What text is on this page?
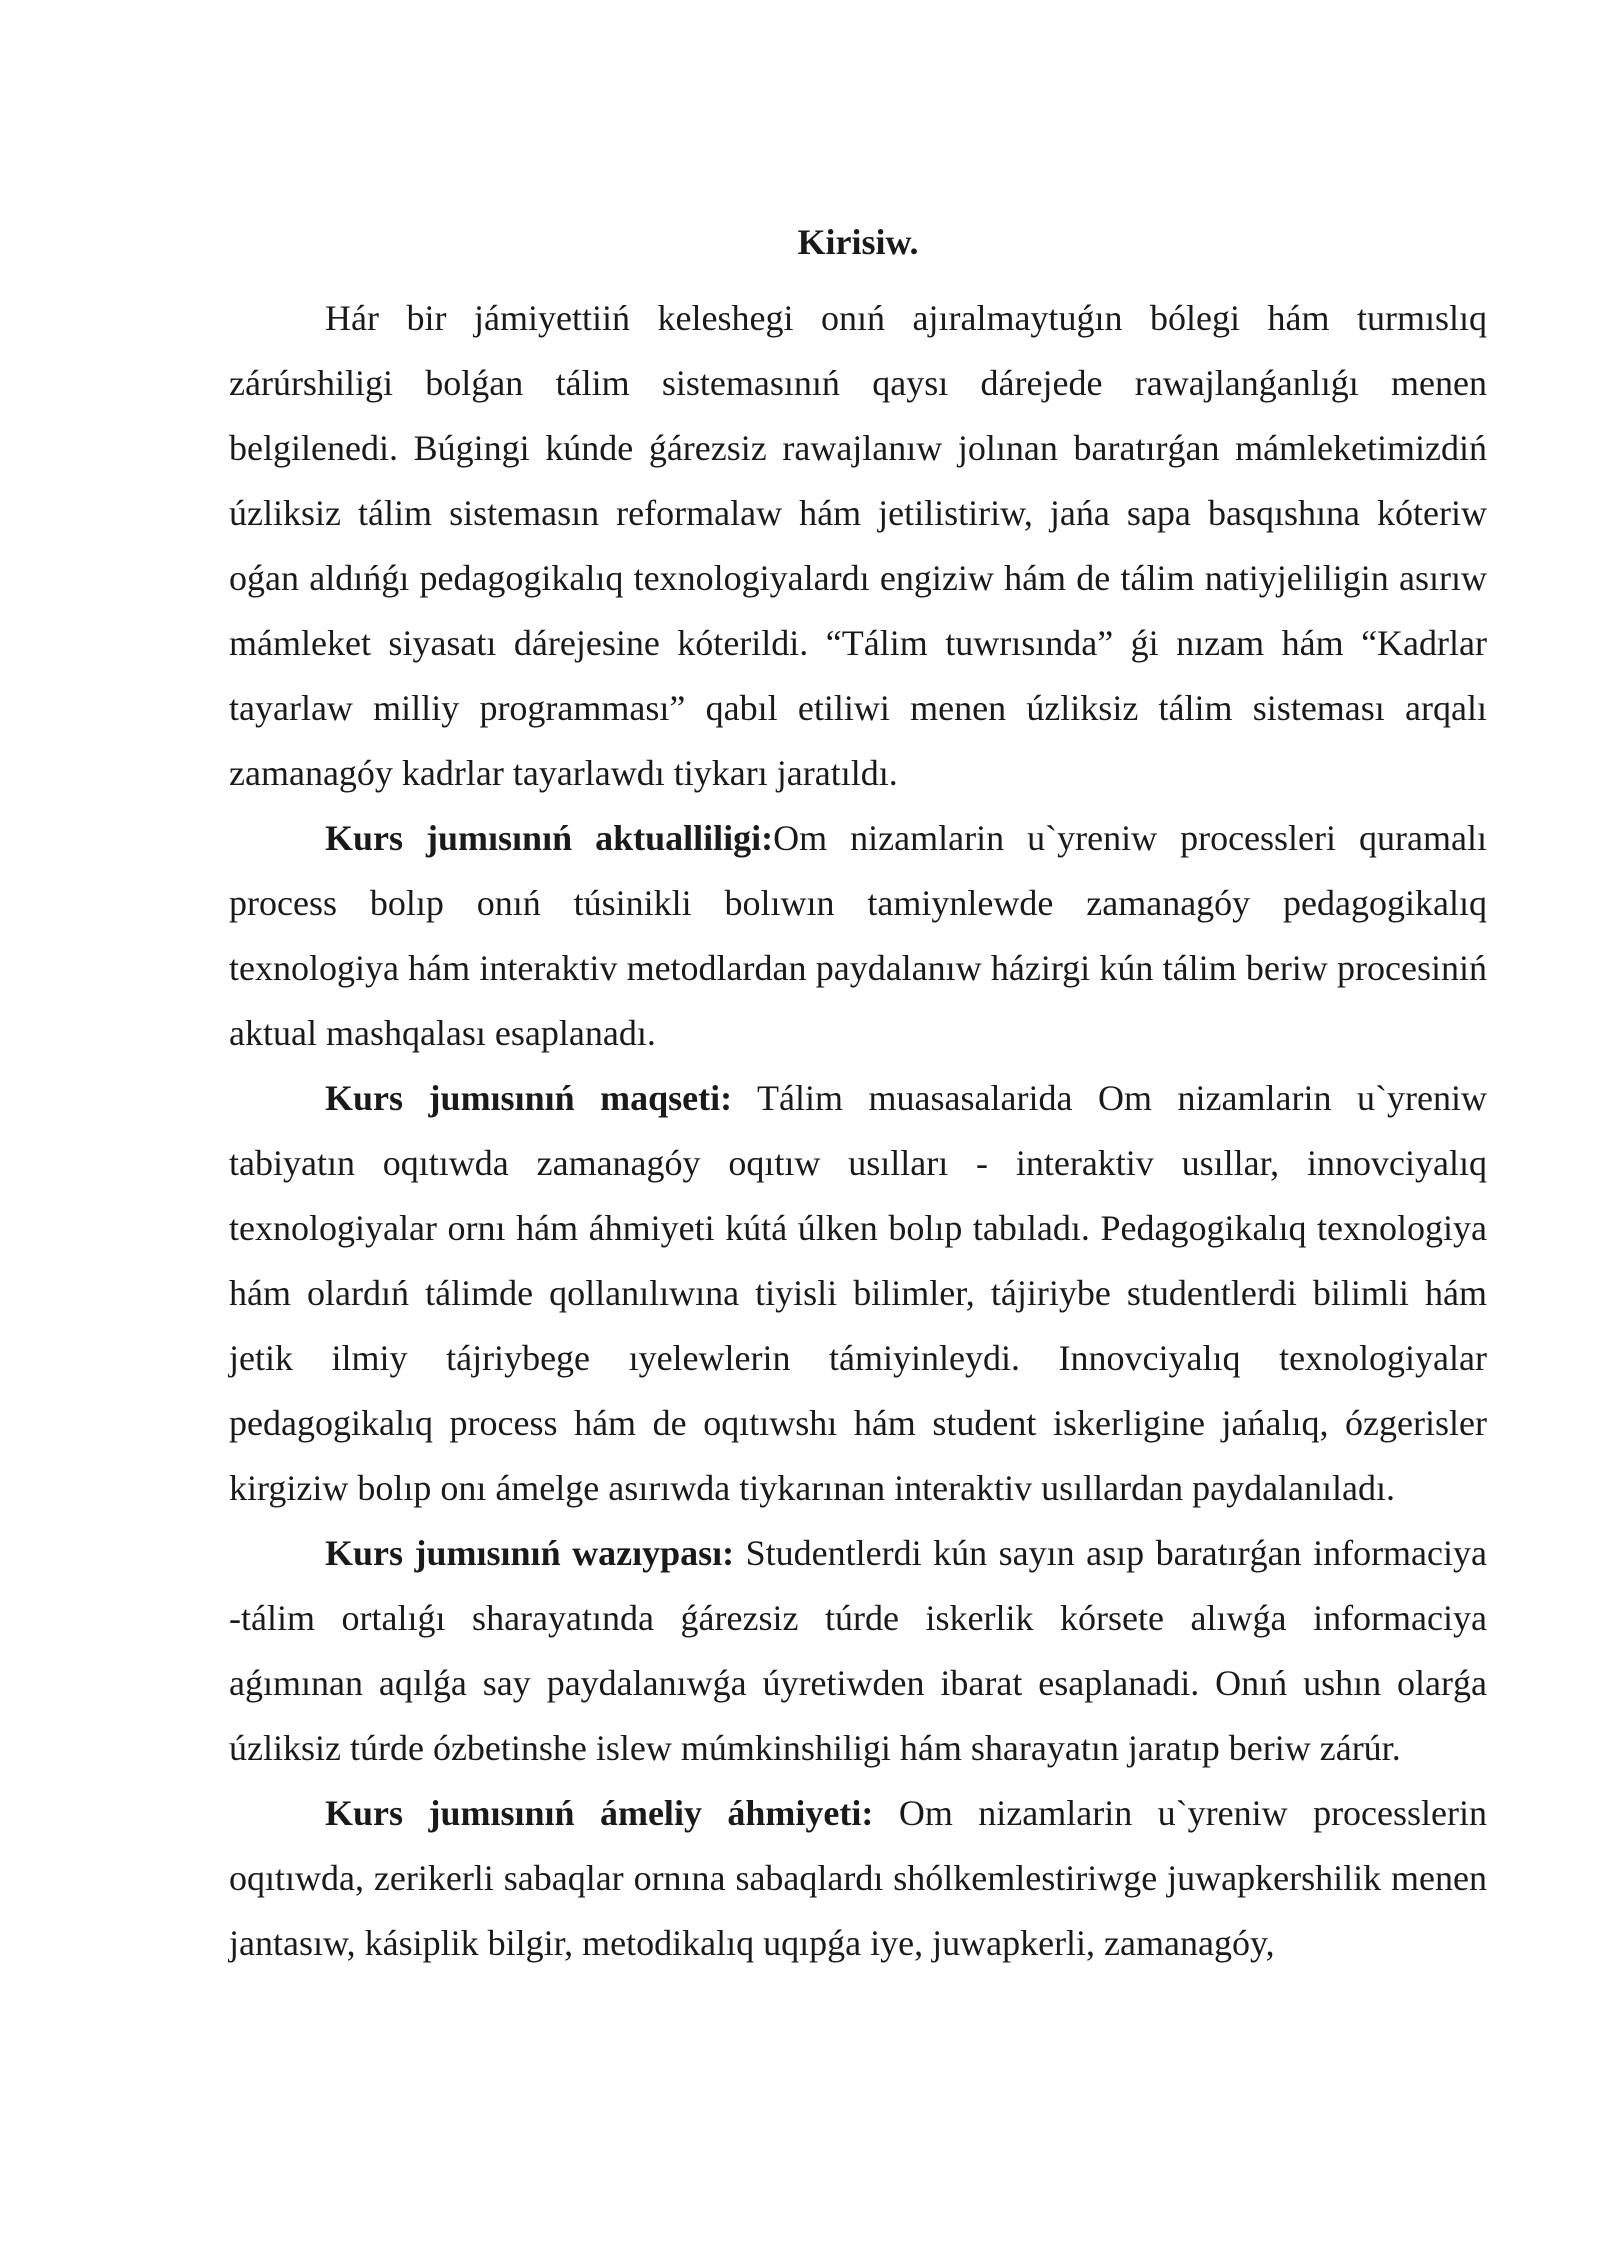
Kirisiw.

Hár bir jámiyettiiń keleshegi onıń ajıralmaytuǵın bólegi hám turmıslıq zárúrshiligi bolǵan tálim sistemasınıń qaysı dárejede rawajlanǵanlıǵı menen belgilenedi. Búgingi kúnde ǵárezsiz rawajlanıw jolınan baratırǵan mámleketimizdiń úzliksiz tálim sistemasın reformalaw hám jetilistiriw, jańa sapa basqıshına kóteriw oǵan aldıńǵı pedagogikalıq texnologiyalardı engiziw hám de tálim natiyjeliligin asırıw mámleket siyasatı dárejesine kóterildi. “Tálim tuwrısında” ǵi nızam hám “Kadrlar tayarlaw milliy programması” qabıl etiliwi menen úzliksiz tálim sisteması arqalı zamanagóy kadrlar tayarlawdı tiykarı jaratıldı.

Kurs jumısınıń aktualliligi:Om nizamlarin u`yreniw processleri quramalı process bolıp onıń túsinikli bolıwın tamiynlewde zamanagóy pedagogikalıq texnologiya hám interaktiv metodlardan paydalanıw házirgi kún tálim beriw procesiniń aktual mashqalası esaplanadı.

Kurs jumısınıń maqseti: Tálim muasasalarida Om nizamlarin u`yreniw tabiyatın oqıtıwda zamanagóy oqıtıw usılları - interaktiv usıllar, innovciyalıq texnologiyalar ornı hám áhmiyeti kútá úlken bolıp tabıladı. Pedagogikalıq texnologiya hám olardıń tálimde qollanılıwına tiyisli bilimler, tájiriybe studentlerdi bilimli hám jetik ilmiy tájriybege ıyelewlerin támiyinleydi. Innovciyalıq texnologiyalar pedagogikalıq process hám de oqıtıwshı hám student iskerligine jańalıq, ózgerisler kirgiziw bolıp onı ámelge asırıwda tiykarınan interaktiv usıllardan paydalanıladı.

Kurs jumısınıń wazıypası: Studentlerdi kún sayın asıp baratırǵan informaciya -tálim ortalıǵı sharayatında ǵárezsiz túrde iskerlik kórsete alıwǵa informaciya aǵımınan aqılǵa say paydalanıwǵa úyretiwden ibarat esaplanadi. Onıń ushın olarǵa úzliksiz túrde ózbetinshe islew múmkinshiligi hám sharayatın jaratıp beriw zárúr.

Kurs jumısınıń ámeliy áhmiyeti: Om nizamlarin u`yreniw processlerin oqıtıwda, zerikerli sabaqlar ornına sabaqlardı shólkemlestiriwge juwapkershilik menen jantasıw, kásiplik bilgir, metodikalıq uqıpǵa iye, juwapkerli, zamanagóy,
